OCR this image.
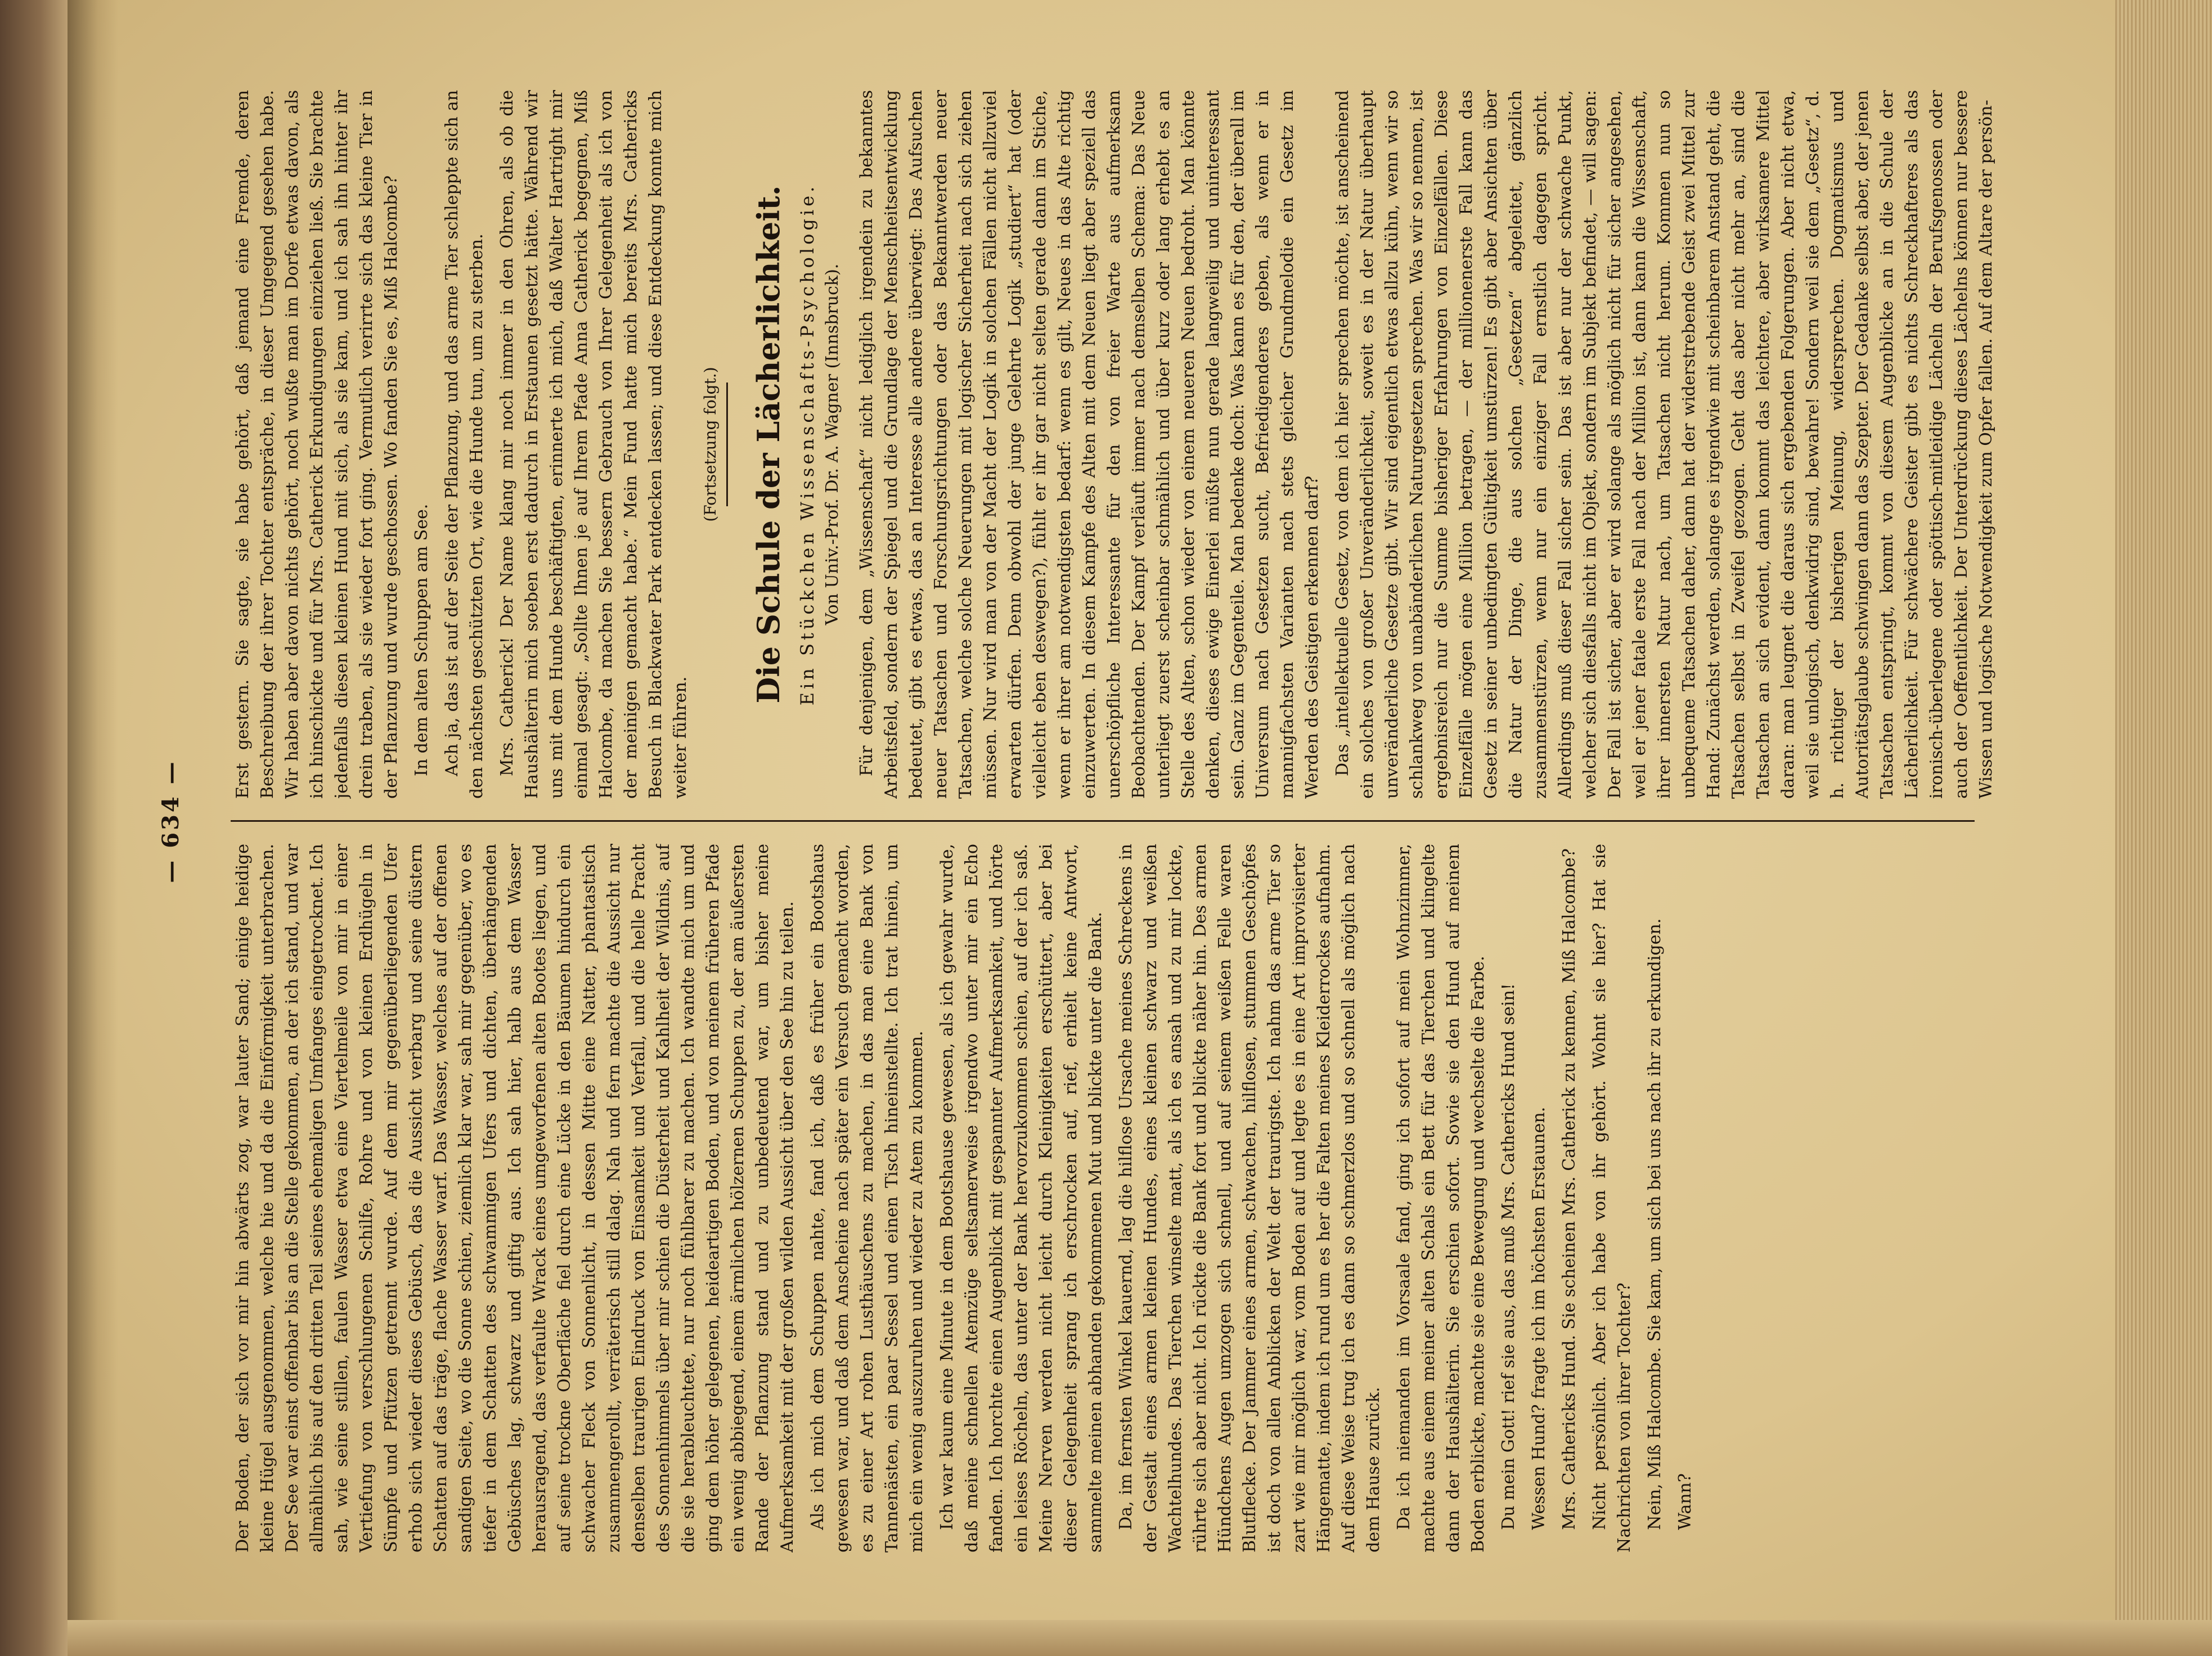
— 634 —

Der Boden, der sich vor mir hin abwärts zog, war lauter Sand; einige heidige kleine Hügel ausgenommen, welche hie und da die Einförmigkeit unterbrachen. Der See war einst offenbar bis an die Stelle gekommen, an der ich stand, und war allmählich bis auf den dritten Teil seines ehemaligen Umfanges eingetrocknet. Ich sah, wie seine stillen, faulen Wasser etwa eine Viertelmeile von mir in einer Vertiefung von verschlungenen Schilfe, Rohre und von kleinen Erdhügeln in Sümpfe und Pfützen getrennt wurde. Auf dem mir gegenüberliegenden Ufer erhob sich wieder dieses Gebüsch, das die Aussicht verbarg und seine düstern Schatten auf das träge, flache Wasser warf. Das Wasser, welches auf der offenen sandigen Seite, wo die Sonne schien, ziemlich klar war, sah mir gegenüber, wo es tiefer in dem Schatten des schwammigen Ufers und dichten, überhängenden Gebüsches lag, schwarz und giftig aus. Ich sah hier, halb aus dem Wasser herausragend, das verfaulte Wrack eines umgeworfenen alten Bootes liegen, und auf seine trockne Oberfläche fiel durch eine Lücke in den Bäumen hindurch ein schwacher Fleck von Sonnenlicht, in dessen Mitte eine Natter, phantastisch zusammengerollt, verräterisch still dalag. Nah und fern machte die Aussicht nur denselben traurigen Eindruck von Einsamkeit und Verfall, und die helle Pracht des Sonnenhimmels über mir schien die Düsterheit und Kahlheit der Wildnis, auf die sie herableuchtete, nur noch fühlbarer zu machen. Ich wandte mich um und ging dem höher gelegenen, heideartigen Boden, und von meinem früheren Pfade ein wenig abbiegend, einem ärmlichen hölzernen Schuppen zu, der am äußersten Rande der Pflanzung stand und zu unbedeutend war, um bisher meine Aufmerksamkeit mit der großen wilden Aussicht über den See hin zu teilen. Als ich mich dem Schuppen nahte, fand ich, daß es früher ein Bootshaus gewesen war, und daß dem Anscheine nach später ein Versuch gemacht worden, es zu einer Art rohen Lusthäuschens zu machen, in das man eine Bank von Tannenästen, ein paar Sessel und einen Tisch hineinstellte. Ich trat hinein, um mich ein wenig auszuruhen und wieder zu Atem zu kommen. Ich war kaum eine Minute in dem Bootshause gewesen, als ich gewahr wurde, daß meine schnellen Atemzüge seltsamerweise irgendwo unter mir ein Echo fanden. Ich horchte einen Augenblick mit gespannter Aufmerksamkeit, und hörte ein leises Röcheln, das unter der Bank hervorzukommen schien, auf der ich saß. Meine Nerven werden nicht leicht durch Kleinigkeiten erschüttert, aber bei dieser Gelegenheit sprang ich erschrocken auf, rief, erhielt keine Antwort, sammelte meinen abhanden gekommenen Mut und blickte unter die Bank. Da, im fernsten Winkel kauernd, lag die hilflose Ursache meines Schreckens in der Gestalt eines armen kleinen Hundes, eines kleinen schwarz und weißen Wachtelhundes. Das Tierchen winselte matt, als ich es ansah und zu mir lockte, rührte sich aber nicht. Ich rückte die Bank fort und blickte näher hin. Des armen Hündchens Augen umzogen sich schnell, und auf seinem weißen Felle waren Blutflecke. Der Jammer eines armen, schwachen, hilflosen, stummen Geschöpfes ist doch von allen Anblicken der Welt der traurigste. Ich nahm das arme Tier so zart wie mir möglich war, vom Boden auf und legte es in eine Art improvisierter Hängematte, indem ich rund um es her die Falten meines Kleiderrockes aufnahm. Auf diese Weise trug ich es dann so schmerzlos und so schnell als möglich nach dem Hause zurück. Da ich niemanden im Vorsaale fand, ging ich sofort auf mein Wohnzimmer, machte aus einem meiner alten Schals ein Bett für das Tierchen und klingelte dann der Haushälterin. Sie erschien sofort. Sowie sie den Hund auf meinem Boden erblickte, machte sie eine Bewegung und wechselte die Farbe. Du mein Gott! rief sie aus, das muß Mrs. Cathericks Hund sein! Wessen Hund? fragte ich im höchsten Erstaunen. Mrs. Cathericks Hund. Sie scheinen Mrs. Catherick zu kennen, Miß Halcombe? Nicht persönlich. Aber ich habe von ihr gehört. Wohnt sie hier? Hat sie Nachrichten von ihrer Tochter? Nein, Miß Halcombe. Sie kam, um sich bei uns nach ihr zu erkundigen. Wann?

Erst gestern. Sie sagte, sie habe gehört, daß jemand eine Fremde, deren Beschreibung der ihrer Tochter entspräche, in dieser Umgegend gesehen habe. Wir haben aber davon nichts gehört, noch wußte man im Dorfe etwas davon, als ich hinschickte und für Mrs. Catherick Erkundigungen einziehen ließ. Sie brachte jedenfalls diesen kleinen Hund mit sich, als sie kam, und ich sah ihn hinter ihr drein traben, als sie wieder fort ging. Vermutlich verirrte sich das kleine Tier in der Pflanzung und wurde geschossen. Wo fanden Sie es, Miß Halcombe? In dem alten Schuppen am See. Ach ja, das ist auf der Seite der Pflanzung, und das arme Tier schleppte sich an den nächsten geschützten Ort, wie die Hunde tun, um zu sterben. Mrs. Catherick! Der Name klang mir noch immer in den Ohren, als ob die Haushälterin mich soeben erst dadurch in Erstaunen gesetzt hätte. Während wir uns mit dem Hunde beschäftigten, erinnerte ich mich, daß Walter Hartright mir einmal gesagt: „Sollte Ihnen je auf Ihrem Pfade Anna Catherick begegnen, Miß Halcombe, da machen Sie bessern Gebrauch von Ihrer Gelegenheit als ich von der meinigen gemacht habe.“ Mein Fund hatte mich bereits Mrs. Cathericks Besuch in Blackwater Park entdecken lassen; und diese Entdeckung konnte mich weiter führen.

(Fortsetzung folgt.) Die Schule der Lächerlichkeit. Ein Stückchen Wissenschafts-Psychologie. Von Univ.-Prof. Dr. A. Wagner (Innsbruck). Für denjenigen, dem „Wissenschaft“ nicht lediglich irgendein zu bekanntes Arbeitsfeld, sondern der Spiegel und die Grundlage der Menschheitsentwicklung bedeutet, gibt es etwas, das an Interesse alle andere überwiegt: Das Aufsuchen neuer Tatsachen und Forschungsrichtungen oder das Bekanntwerden neuer Tatsachen, welche solche Neuerungen mit logischer Sicherheit nach sich ziehen müssen. Nur wird man von der Macht der Logik in solchen Fällen nicht allzuviel erwarten dürfen. Denn obwohl der junge Gelehrte Logik „studiert“ hat (oder vielleicht eben deswegen?), fühlt er ihr gar nicht selten gerade dann im Stiche, wenn er ihrer am notwendigsten bedarf: wenn es gilt, Neues in das Alte richtig einzuwerten. In diesem Kampfe des Alten mit dem Neuen liegt aber speziell das unerschöpfliche Interessante für den von freier Warte aus aufmerksam Beobachtenden. Der Kampf verläuft immer nach demselben Schema: Das Neue unterliegt zuerst scheinbar schmählich und über kurz oder lang erhebt es an Stelle des Alten, schon wieder von einem neueren Neuen bedroht. Man könnte denken, dieses ewige Einerlei müßte nun gerade langweilig und uninteressant sein. Ganz im Gegenteile. Man bedenke doch: Was kann es für den, der überall im Universum nach Gesetzen sucht, Befriedigenderes geben, als wenn er in mannigfachsten Varianten nach stets gleicher Grundmelodie ein Gesetz im Werden des Geistigen erkennen darf? Das „intellektuelle Gesetz, von dem ich hier sprechen möchte, ist anscheinend ein solches von großer Unveränderlichkeit, soweit es in der Natur überhaupt unveränderliche Gesetze gibt. Wir sind eigentlich etwas allzu kühn, wenn wir so schlankweg von unabänderlichen Naturgesetzen sprechen. Was wir so nennen, ist ergebnisreich nur die Summe bisheriger Erfahrungen von Einzelfällen. Diese Einzelfälle mögen eine Million betragen, — der millionenerste Fall kann das Gesetz in seiner unbedingten Gültigkeit umstürzen! Es gibt aber Ansichten über die Natur der Dinge, die aus solchen „Gesetzen“ abgeleitet, gänzlich zusammenstürzen, wenn nur ein einziger Fall ernstlich dagegen spricht. Allerdings muß dieser Fall sicher sein. Das ist aber nur der schwache Punkt, welcher sich diesfalls nicht im Objekt, sondern im Subjekt befindet, — will sagen: Der Fall ist sicher, aber er wird solange als möglich nicht für sicher angesehen, weil er jener fatale erste Fall nach der Million ist, dann kann die Wissenschaft, ihrer innersten Natur nach, um Tatsachen nicht herum. Kommen nun so unbequeme Tatsachen daher, dann hat der widerstrebende Geist zwei Mittel zur Hand: Zunächst werden, solange es irgendwie mit scheinbarem Anstand geht, die Tatsachen selbst in Zweifel gezogen. Geht das aber nicht mehr an, sind die Tatsachen an sich evident, dann kommt das leichtere, aber wirksamere Mittel daran: man leugnet die daraus sich ergebenden Folgerungen. Aber nicht etwa, weil sie unlogisch, denkwidrig sind, bewahre! Sondern weil sie dem „Gesetz“, d. h. richtiger der bisherigen Meinung, widersprechen. Dogmatismus und Autoritätsglaube schwingen dann das Szepter. Der Gedanke selbst aber, der jenen Tatsachen entspringt, kommt von diesem Augenblicke an in die Schule der Lächerlichkeit. Für schwächere Geister gibt es nichts Schreckhafteres als das ironisch-überlegene oder spöttisch-mitleidige Lächeln der Berufsgenossen oder auch der Oeffentlichkeit. Der Unterdrückung dieses Lächelns können nur bessere Wissen und logische Notwendigkeit zum Opfer fallen. Auf dem Altare der persön-
